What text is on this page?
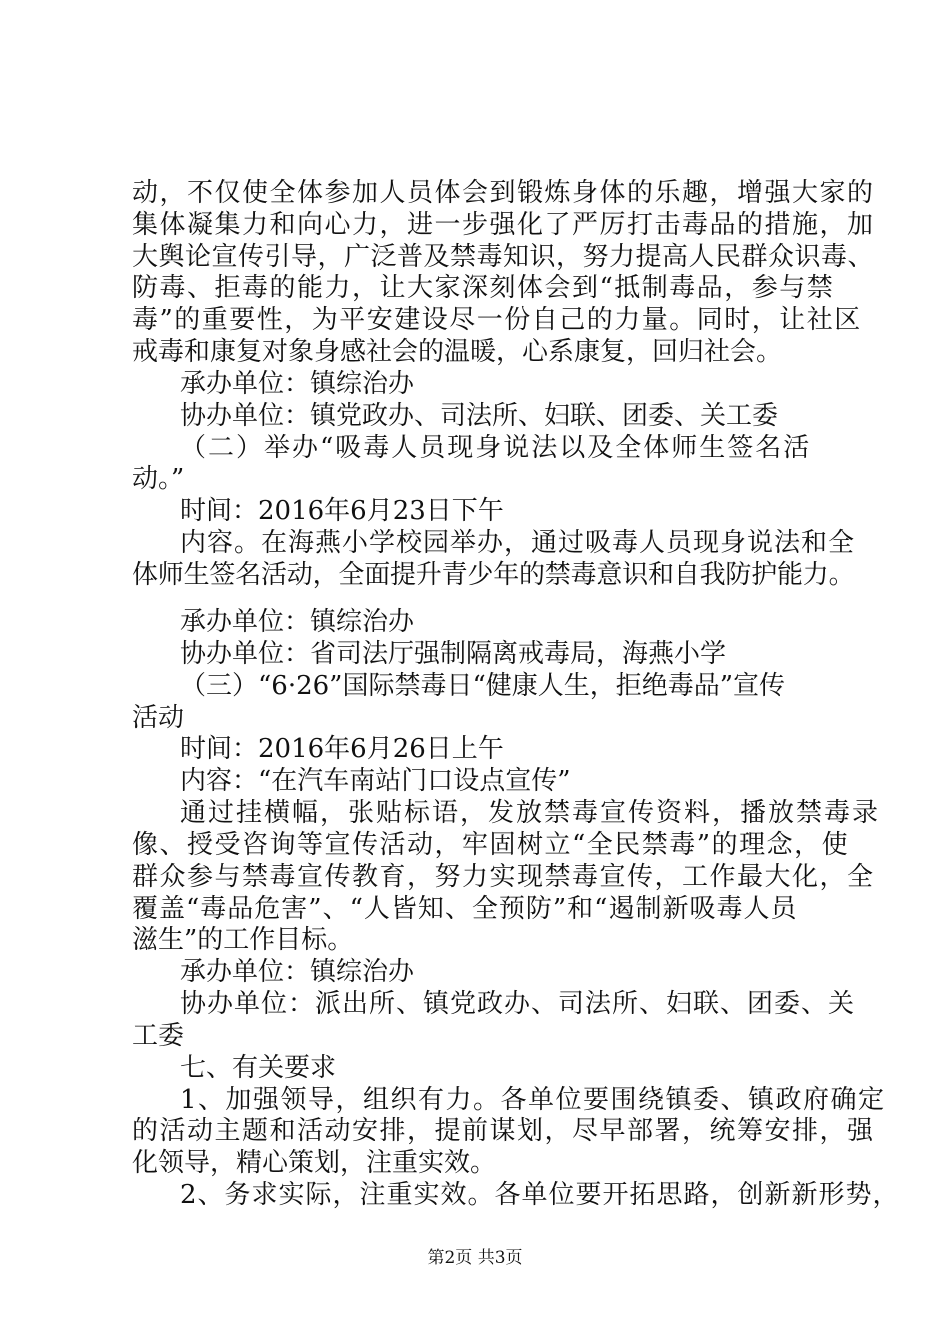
动，不仅使全体参加人员体会到锻炼身体的乐趣，增强大家的
集体凝集力和向心力，进一步强化了严厉打击毒品的措施，加
大舆论宣传引导，广泛普及禁毒知识，努力提高人民群众识毒、
防毒、拒毒的能力，让大家深刻体会到“抵制毒品，参与禁
毒”的重要性，为平安建设尽一份自己的力量。同时，让社区
戒毒和康复对象身感社会的温暖，心系康复，回归社会。
承办单位：镇综治办
协办单位：镇党政办、司法所、妇联、团委、关工委
（二）举办“吸毒人员现身说法以及全体师生签名活
动。”
时间：2016年6月23日下午
内容。在海燕小学校园举办，通过吸毒人员现身说法和全
体师生签名活动，全面提升青少年的禁毒意识和自我防护能力。
承办单位：镇综治办
协办单位：省司法厅强制隔离戒毒局，海燕小学
（三）“6·26”国际禁毒日“健康人生，拒绝毒品”宣传
活动
时间：2016年6月26日上午
内容：“在汽车南站门口设点宣传”
通过挂横幅，张贴标语，发放禁毒宣传资料，播放禁毒录
像、授受咨询等宣传活动，牢固树立“全民禁毒”的理念，使
群众参与禁毒宣传教育，努力实现禁毒宣传，工作最大化，全
覆盖“毒品危害”、“人皆知、全预防”和“遏制新吸毒人员
滋生”的工作目标。
承办单位：镇综治办
协办单位：派出所、镇党政办、司法所、妇联、团委、关
工委
七、有关要求
1、加强领导，组织有力。各单位要围绕镇委、镇政府确定
的活动主题和活动安排，提前谋划，尽早部署，统筹安排，强
化领导，精心策划，注重实效。
2、务求实际，注重实效。各单位要开拓思路，创新新形势，
第2页 共3页
